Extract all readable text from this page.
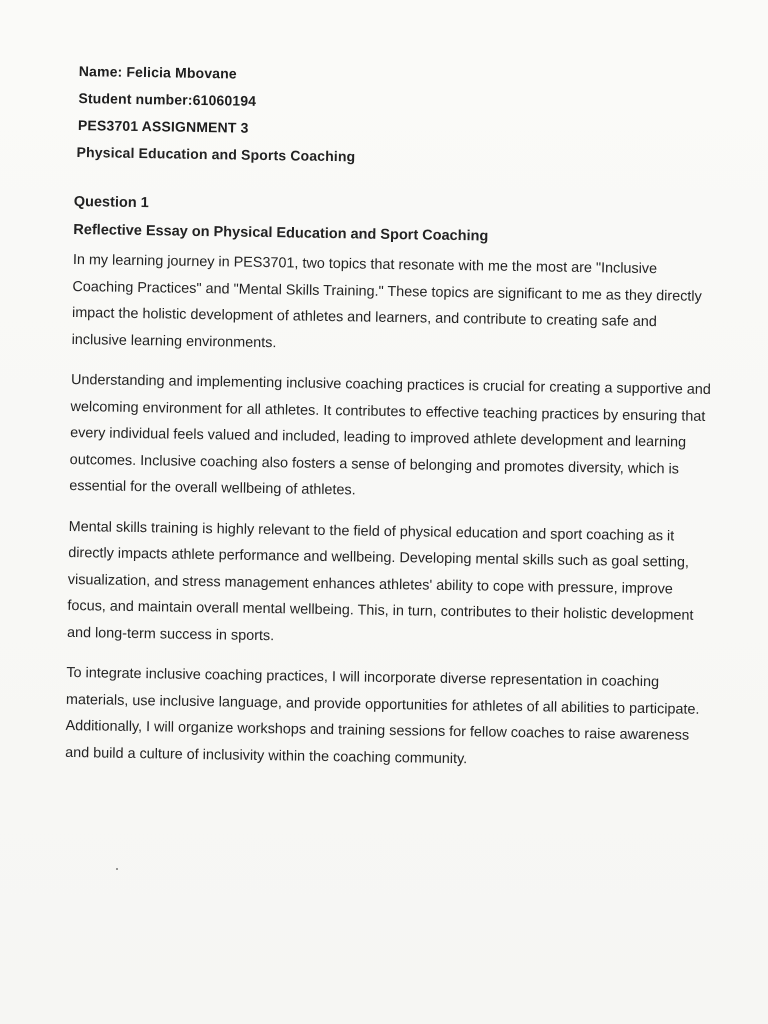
Name: Felicia Mbovane
Student number:61060194
PES3701 ASSIGNMENT 3
Physical Education and Sports Coaching
Question 1
Reflective Essay on Physical Education and Sport Coaching

In my learning journey in PES3701, two topics that resonate with me the most are "Inclusive Coaching Practices" and "Mental Skills Training." These topics are significant to me as they directly impact the holistic development of athletes and learners, and contribute to creating safe and inclusive learning environments.

Understanding and implementing inclusive coaching practices is crucial for creating a supportive and welcoming environment for all athletes. It contributes to effective teaching practices by ensuring that every individual feels valued and included, leading to improved athlete development and learning outcomes. Inclusive coaching also fosters a sense of belonging and promotes diversity, which is essential for the overall wellbeing of athletes.

Mental skills training is highly relevant to the field of physical education and sport coaching as it directly impacts athlete performance and wellbeing. Developing mental skills such as goal setting, visualization, and stress management enhances athletes' ability to cope with pressure, improve focus, and maintain overall mental wellbeing. This, in turn, contributes to their holistic development and long-term success in sports.

To integrate inclusive coaching practices, I will incorporate diverse representation in coaching materials, use inclusive language, and provide opportunities for athletes of all abilities to participate. Additionally, I will organize workshops and training sessions for fellow coaches to raise awareness and build a culture of inclusivity within the coaching community.
